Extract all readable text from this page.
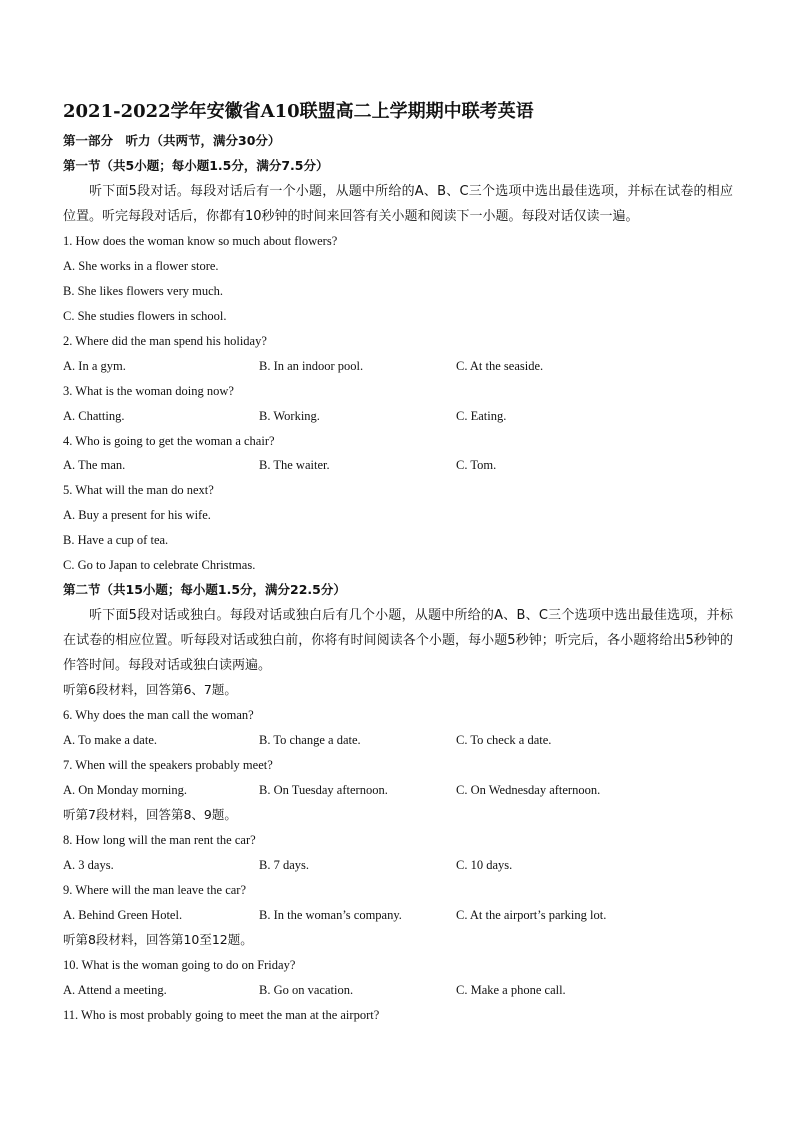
2021-2022学年安徽省A10联盟高二上学期期中联考英语
第一部分　听力（共两节，满分30分）
第一节（共5小题；每小题1.5分，满分7.5分）
听下面5段对话。每段对话后有一个小题，从题中所给的A、B、C三个选项中选出最佳选项，并标在试卷的相应位置。听完每段对话后，你都有10秒钟的时间来回答有关小题和阅读下一小题。每段对话仅读一遍。
1. How does the woman know so much about flowers?
A. She works in a flower store.
B. She likes flowers very much.
C. She studies flowers in school.
2. Where did the man spend his holiday?
A. In a gym.	B. In an indoor pool.	C. At the seaside.
3. What is the woman doing now?
A. Chatting.	B. Working.	C. Eating.
4. Who is going to get the woman a chair?
A. The man.	B. The waiter.	C. Tom.
5. What will the man do next?
A. Buy a present for his wife.
B. Have a cup of tea.
C. Go to Japan to celebrate Christmas.
第二节（共15小题；每小题1.5分，满分22.5分）
听下面5段对话或独白。每段对话或独白后有几个小题，从题中所给的A、B、C三个选项中选出最佳选项，并标在试卷的相应位置。听每段对话或独白前，你将有时间阅读各个小题，每小题5秒钟；听完后，各小题将给出5秒钟的作答时间。每段对话或独白读两遍。
听第6段材料，回答第6、7题。
6. Why does the man call the woman?
A. To make a date.	B. To change a date.	C. To check a date.
7. When will the speakers probably meet?
A. On Monday morning.	B. On Tuesday afternoon.	C. On Wednesday afternoon.
听第7段材料，回答第8、9题。
8. How long will the man rent the car?
A. 3 days.	B. 7 days.	C. 10 days.
9. Where will the man leave the car?
A. Behind Green Hotel.	B. In the woman’s company.	C. At the airport’s parking lot.
听第8段材料，回答第10至12题。
10. What is the woman going to do on Friday?
A. Attend a meeting.	B. Go on vacation.	C. Make a phone call.
11. Who is most probably going to meet the man at the airport?
